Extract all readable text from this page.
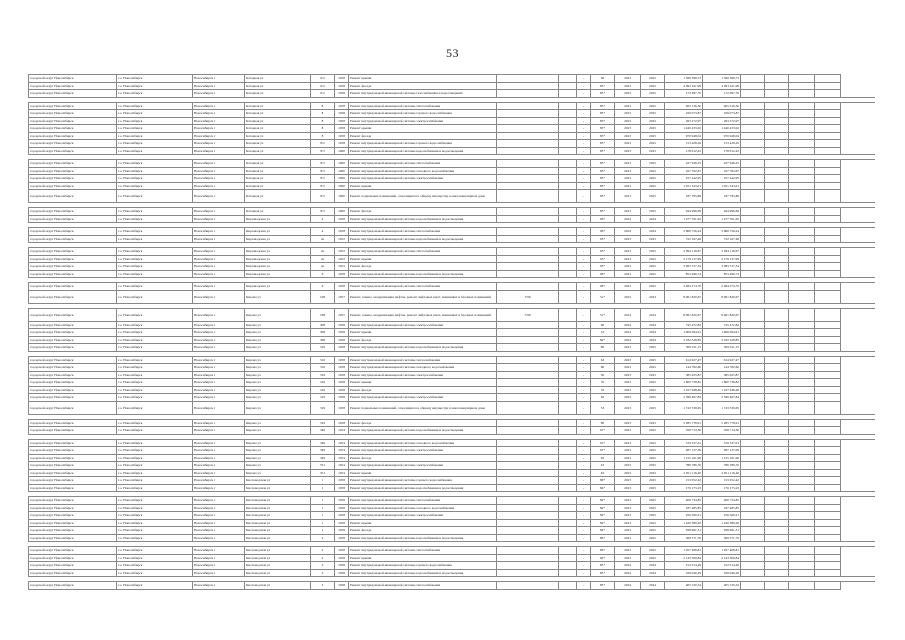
53
городской округ Новосибирск	г.о. Новосибирск	Новосибирск г	Катодная ул	6/2	1958	Ремонт крыши			-	60	2023	2025	1 599 368,73	1 599 368,73					
городской округ Новосибирск	г.о. Новосибирск	Новосибирск г	Катодная ул	6/2	1958	Ремонт фасада			-	85*	2023	2025	4 093 611,99	4 093 611,99					
городской округ Новосибирск	г.о. Новосибирск	Новосибирск г	Катодная ул	6/2	1958	Ремонт внутридомовой инженерной системы газоснабжения и водоотведения			-	85*	2023	2025	172 697,70	172 697,70					

городской округ Новосибирск	г.о. Новосибирск	Новосибирск г	Катодная ул	8	1958	Ремонт внутридомовой инженерной системы теплоснабжения			-	85*	2023	2025	465 316,30	465 316,30					
городской округ Новосибирск	г.о. Новосибирск	Новосибирск г	Катодная ул	8	1958	Ремонт внутридомовой инженерной системы горячего водоснабжения			-	85*	2023	2025	169 073,87	169 073,87					
городской округ Новосибирск	г.о. Новосибирск	Новосибирск г	Катодная ул	8	1958	Ремонт внутридомовой инженерной системы электроснабжения			-	85*	2023	2025	263 272,97	263 272,97					
городской округ Новосибирск	г.о. Новосибирск	Новосибирск г	Катодная ул	8	1958	Ремонт крыши			-	85*	2023	2025	1 440 433,02	1 440 433,02					
городской округ Новосибирск	г.о. Новосибирск	Новосибирск г	Катодная ул	8	1958	Ремонт фасада			-	85*	2023	2025	970 948,04	970 948,04					
городской округ Новосибирск	г.о. Новосибирск	Новосибирск г	Катодная ул	8/2	1958	Ремонт внутридомовой инженерной системы горячего водоснабжения			-	85*	2023	2025	153 428,29	153 428,29					
городской округ Новосибирск	г.о. Новосибирск	Новосибирск г	Катодная ул	8/3	1960	Ремонт внутридомовой инженерной системы водоснабжения и водоотведения			-	85*	2023	2025	178 012,43	178 012,43					

городской округ Новосибирск	г.о. Новосибирск	Новосибирск г	Катодная ул	8/3	1960	Ремонт внутридомовой инженерной системы теплоснабжения			-	83*	2023	2025	427 946,25	427 946,25					
городской округ Новосибирск	г.о. Новосибирск	Новосибирск г	Катодная ул	8/3	1960	Ремонт внутридомовой инженерной системы холодного водоснабжения			-	83*	2023	2025	167 762,67	167 762,67					
городской округ Новосибирск	г.о. Новосибирск	Новосибирск г	Катодная ул	8/3	1960	Ремонт внутридомовой инженерной системы электроснабжения			-	83*	2023	2025	257 242,95	257 242,95					
городской округ Новосибирск	г.о. Новосибирск	Новосибирск г	Катодная ул	8/3	1960	Ремонт крыши			-	83*	2023	2025	1 051 343,01	1 051 343,01					
городской округ Новосибирск	г.о. Новосибирск	Новосибирск г	Катодная ул	8/3	1960	Ремонт подвальных помещений, относящихся к общему имуществу в многоквартирном доме			-	83*	2023	2025	187 795,86	187 795,86					

городской округ Новосибирск	г.о. Новосибирск	Новосибирск г	Катодная ул	8/3	1960	Ремонт фасада			-	83*	2023	2025	944 996,69	944 996,69					
городской округ Новосибирск	г.о. Новосибирск	Новосибирск г	Кирзаводская ул	4	1958	Ремонт внутридомовой инженерной системы водоснабжения и водоотведения			-	96*	2024	2024	1 277 761,65	1 277 761,65					

городской округ Новосибирск	г.о. Новосибирск	Новосибирск г	Кирзаводская ул	4	1958	Ремонт внутридомовой инженерной системы теплоснабжения			-	96*	2024	2024	3 666 726,24	3 666 726,24					
городской округ Новосибирск	г.о. Новосибирск	Новосибирск г	Кирзаводская ул	4a	1952	Ремонт внутридомовой инженерной системы водоснабжения и водоотведения			-	93*	2023	2025	722 167,46	722 167,46					

городской округ Новосибирск	г.о. Новосибирск	Новосибирск г	Кирзаводская ул	4a	1952	Ремонт внутридомовой инженерной системы теплоснабжения			-	93*	2023	2025	2 094 118,67	2 094 118,67					
городской округ Новосибирск	г.о. Новосибирск	Новосибирск г	Кирзаводская ул	4a	1952	Ремонт крыши			-	93*	2023	2025	2 179 137,99	2 179 137,99					
городской округ Новосибирск	г.о. Новосибирск	Новосибирск г	Кирзаводская ул	4a	1952	Ремонт фасада			-	93*	2023	2025	3 083 727,34	3 083 727,34					
городской округ Новосибирск	г.о. Новосибирск	Новосибирск г	Кирзаводская ул	6	1958	Ремонт внутридомовой инженерной системы водоснабжения и водоотведения			-	96*	2023	2025	853 496,74	853 496,74					

городской округ Новосибирск	г.о. Новосибирск	Новосибирск г	Кирзаводская ул	6	1958	Ремонт внутридомовой инженерной системы теплоснабжения			-	96*	2023	2025	2 484 274,79	2 484 274,79					
городской округ Новосибирск	г.о. Новосибирск	Новосибирск г	Кирова ул	108	1957	Ремонт, замена, модернизация лифтов, ремонт лифтовых шахт, машинных и блочных помещений	7/99		-	51*	2023	2023	8 061 820,67	8 061 820,67					

городской округ Новосибирск	г.о. Новосибирск	Новосибирск г	Кирова ул	108	1957	Ремонт, замена, модернизация лифтов, ремонт лифтовых шахт, машинных и блочных помещений	7/99		-	51*	2024	2024	8 061 820,67	8 061 820,67					
городской округ Новосибирск	г.о. Новосибирск	Новосибирск г	Кирова ул	308	1958	Ремонт внутридомовой инженерной системы электроснабжения			-	60	2024	2024	745 472,82	745 472,82					
городской округ Новосибирск	г.о. Новосибирск	Новосибирск г	Кирова ул	308	1958	Ремонт крыши			-	53	2024	2024	1 906 094,91	1 906 094,91					
городской округ Новосибирск	г.о. Новосибирск	Новосибирск г	Кирова ул	308	1958	Ремонт фасада			-	84*	2024	2024	3 182 328,85	3 182 328,85					
городской округ Новосибирск	г.о. Новосибирск	Новосибирск г	Кирова ул	316	1958	Ремонт внутридомовой инженерной системы водоснабжения и водоотведения			-	80	2023	2025	509 011,15	509 011,15					

городской округ Новосибирск	г.о. Новосибирск	Новосибирск г	Кирова ул	316	1958	Ремонт внутридомовой инженерной системы теплоснабжения			-	63	2023	2025	614 927,47	614 927,47					
городской округ Новосибирск	г.о. Новосибирск	Новосибирск г	Кирова ул	316	1958	Ремонт внутридомовой инженерной системы холодного водоснабжения			-	60	2023	2025	144 782,60	144 782,60					
городской округ Новосибирск	г.о. Новосибирск	Новосибирск г	Кирова ул	316	1958	Ремонт внутридомовой инженерной системы электроснабжения			-	30	2023	2025	385 625,87	385 625,87					
городской округ Новосибирск	г.о. Новосибирск	Новосибирск г	Кирова ул	316	1958	Ремонт крыши			-	70	2023	2025	1 800 738,82	1 800 738,82					
городской округ Новосибирск	г.о. Новосибирск	Новосибирск г	Кирова ул	316	1958	Ремонт фасада			-	76	2023	2025	1 167 648,46	1 167 648,46					
городской округ Новосибирск	г.о. Новосибирск	Новосибирск г	Кирова ул	319	1958	Ремонт внутридомовой инженерной системы электроснабжения			-	62	2023	2025	2 596 467,84	2 596 467,84					
городской округ Новосибирск	г.о. Новосибирск	Новосибирск г	Кирова ул	319	1958	Ремонт подвальных помещений, относящихся к общему имуществу в многоквартирном доме			-	53	2023	2025	1 743 539,65	1 743 539,65					

городской округ Новосибирск	г.о. Новосибирск	Новосибирск г	Кирова ул	319	1958	Ремонт фасада			-	80	2023	2025	5 285 778,91	5 285 778,91					
городской округ Новосибирск	г.о. Новосибирск	Новосибирск г	Кирова ул	349	1954	Ремонт внутридомовой инженерной системы водоснабжения и водоотведения			-	91*	2023	2025	358 714,30	358 714,30					

городской округ Новосибирск	г.о. Новосибирск	Новосибирск г	Кирова ул	349	1954	Ремонт внутридомовой инженерной системы холодного водоснабжения			-	91*	2023	2025	319 337,01	319 337,01					
городской округ Новосибирск	г.о. Новосибирск	Новосибирск г	Кирова ул	349	1954	Ремонт внутридомовой инженерной системы электроснабжения			-	91*	2023	2025	487 137,09	487 137,09					
городской округ Новосибирск	г.о. Новосибирск	Новосибирск г	Кирова ул	349	1954	Ремонт фасада			-	62	2023	2025	1 415 161,96	1 415 161,96					
городской округ Новосибирск	г.о. Новосибирск	Новосибирск г	Кирова ул	351	1954	Ремонт внутридомовой инженерной системы электроснабжения			-	61	2023	2025	786 786,70	786 786,70					
городской округ Новосибирск	г.о. Новосибирск	Новосибирск г	Кирова ул	351	1954	Ремонт крыши			-	63	2023	2025	2 051 116,40	2 051 116,40					
городской округ Новосибирск	г.о. Новосибирск	Новосибирск г	Кисловодская ул	1	1958	Ремонт внутридомовой инженерной системы горячего водоснабжения			-	86*	2023	2025	153 052,42	153 052,42					
городской округ Новосибирск	г.о. Новосибирск	Новосибирск г	Кисловодская ул	1	1958	Ремонт внутридомовой инженерной системы водоснабжения и водоотведения			-	84*	2023	2025	176 173,23	176 173,23					

городской округ Новосибирск	г.о. Новосибирск	Новосибирск г	Кисловодская ул	1	1958	Ремонт внутридомовой инженерной системы теплоснабжения			-	84*	2023	2025	406 734,85	406 734,85					
городской округ Новосибирск	г.о. Новосибирск	Новосибирск г	Кисловодская ул	1	1958	Ремонт внутридомовой инженерной системы холодного водоснабжения			-	84*	2023	2025	187 485,85	187 485,85					
городской округ Новосибирск	г.о. Новосибирск	Новосибирск г	Кисловодская ул	1	1958	Ремонт внутридомовой инженерной системы электроснабжения			-	84*	2023	2025	256 560,21	256 560,21					
городской округ Новосибирск	г.о. Новосибирск	Новосибирск г	Кисловодская ул	1	1958	Ремонт крыши			-	84*	2023	2025	1 420 389,20	1 420 389,20					
городской округ Новосибирск	г.о. Новосибирск	Новосибирск г	Кисловодская ул	1	1958	Ремонт фасада			-	84*	2023	2025	938 691,31	938 691,31					
городской округ Новосибирск	г.о. Новосибирск	Новосибирск г	Кисловодская ул	2	1958	Ремонт внутридомовой инженерной системы водоснабжения и водоотведения			-	86*	2023	2025	369 571,76	369 571,76					

городской округ Новосибирск	г.о. Новосибирск	Новосибирск г	Кисловодская ул	2	1958	Ремонт внутридомовой инженерной системы теплоснабжения			-	86*	2023	2025	1 057 408,81	1 057 408,81					
городской округ Новосибирск	г.о. Новосибирск	Новосибирск г	Кисловодская ул	2	1958	Ремонт крыши			-	90*	2023	2025	2 143 309,84	2 143 309,84					
городской округ Новосибирск	г.о. Новосибирск	Новосибирск г	Кисловодская ул	3	1958	Ремонт внутридомовой инженерной системы горячего водоснабжения			-	85*	2024	2024	152 014,46	152 014,46					
городской округ Новосибирск	г.о. Новосибирск	Новосибирск г	Кисловодская ул	3	1958	Ремонт внутридомовой инженерной системы водоснабжения и водоотведения			-	85*	2024	2024	169 040,26	169 040,26					

городской округ Новосибирск	г.о. Новосибирск	Новосибирск г	Кисловодская ул	3	1958	Ремонт внутридомовой инженерной системы теплоснабжения			-	85*	2024	2024	405 720,34	405 720,34					
